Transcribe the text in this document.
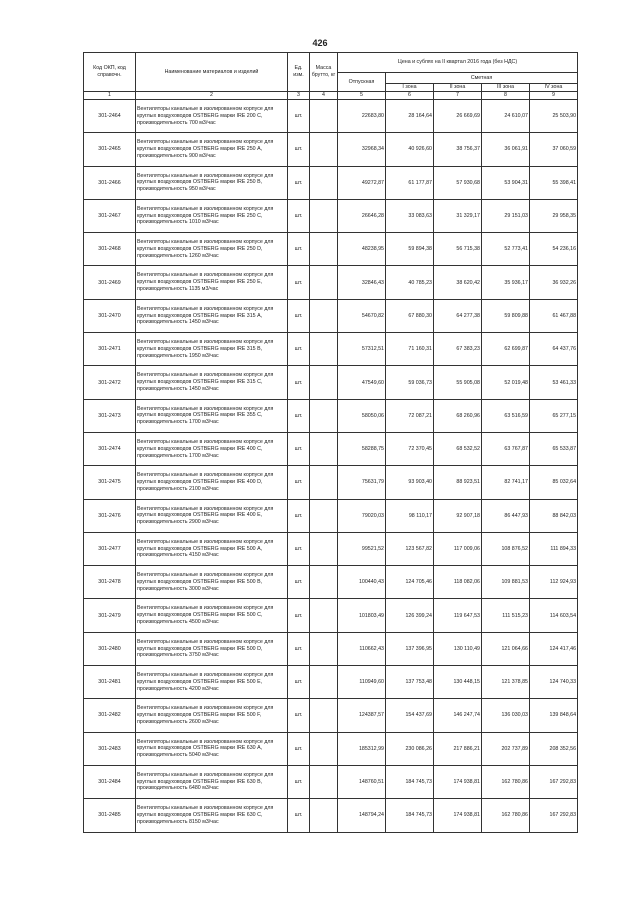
426
Код ОКП, код справочн.	Наименование материалов и изделий	Ед. изм.	Масса брутто, кг	Цена и сублях на II квартал 2016 года (без НДС)				
				Отпускная	Сметная			
					I зона	II зона	III зона	IV зона
1	2	3	4	5	6	7	8	9
301-2464	Вентиляторы канальные в изолированном корпусе для круглых воздуховодов OSTBERG марки IRE 200 С, производительность 700 м3/час	шт.		22683,80	28 164,64	26 669,69	24 610,07	25 503,90
301-2465	Вентиляторы канальные в изолированном корпусе для круглых воздуховодов OSTBERG марки IRE 250 А, производительность 900 м3/час	шт.		32968,34	40 926,60	38 756,37	36 061,91	37 060,59
301-2466	Вентиляторы канальные в изолированном корпусе для круглых воздуховодов OSTBERG марки IRE 250 В, производительность 950 м3/час	шт.		49272,87	61 177,87	57 930,68	53 904,31	55 398,41
301-2467	Вентиляторы канальные в изолированном корпусе для круглых воздуховодов OSTBERG марки IRE 250 С, производительность 1010 м3/час	шт.		26646,28	33 083,63	31 329,17	29 151,03	29 958,35
301-2468	Вентиляторы канальные в изолированном корпусе для круглых воздуховодов OSTBERG марки IRE 250 D, производительность 1260 м3/час	шт.		48238,95	59 894,38	56 715,38	52 773,41	54 236,16
301-2469	Вентиляторы канальные в изолированном корпусе для круглых воздуховодов OSTBERG марки IRE 250 E, производительность 1135 м3/час	шт.		32846,43	40 785,23	38 620,42	35 936,17	36 932,26
301-2470	Вентиляторы канальные в изолированном корпусе для круглых воздуховодов OSTBERG марки IRE 315 А, производительность 1450 м3/час	шт.		54670,82	67 880,30	64 277,38	59 809,88	61 467,88
301-2471	Вентиляторы канальные в изолированном корпусе для круглых воздуховодов OSTBERG марки IRE 315 В, производительность 1950 м3/час	шт.		57312,51	71 160,31	67 383,23	62 699,87	64 437,76
301-2472	Вентиляторы канальные в изолированном корпусе для круглых воздуховодов OSTBERG марки IRE 315 С, производительность 1450 м3/час	шт.		47549,60	59 036,73	55 905,08	52 019,48	53 461,33
301-2473	Вентиляторы канальные в изолированном корпусе для круглых воздуховодов OSTBERG марки IRE 355 С, производительность 1700 м3/час	шт.		58050,06	72 087,21	68 260,96	63 516,59	65 277,15
301-2474	Вентиляторы канальные в изолированном корпусе для круглых воздуховодов OSTBERG марки IRE 400 С, производительность 1700 м3/час	шт.		58288,75	72 370,45	68 532,52	63 767,87	65 533,87
301-2475	Вентиляторы канальные в изолированном корпусе для круглых воздуховодов OSTBERG марки IRE 400 D, производительность 2100 м3/час	шт.		75631,79	93 903,40	88 923,51	82 741,17	85 032,64
301-2476	Вентиляторы канальные в изолированном корпусе для круглых воздуховодов OSTBERG марки IRE 400 E, производительность 2900 м3/час	шт.		79020,03	98 110,17	92 907,18	86 447,93	88 842,03
301-2477	Вентиляторы канальные в изолированном корпусе для круглых воздуховодов OSTBERG марки IRE 500 А, производительность 4150 м3/час	шт.		99521,52	123 567,82	117 009,06	108 876,52	111 894,33
301-2478	Вентиляторы канальные в изолированном корпусе для круглых воздуховодов OSTBERG марки IRE 500 В, производительность 3000 м3/час	шт.		100440,43	124 705,46	118 082,06	109 881,53	112 924,93
301-2479	Вентиляторы канальные в изолированном корпусе для круглых воздуховодов OSTBERG марки IRE 500 С, производительность 4500 м3/час	шт.		101803,49	126 399,24	119 647,53	111 515,23	114 603,54
301-2480	Вентиляторы канальные в изолированном корпусе для круглых воздуховодов OSTBERG марки IRE 500 D, производительность 3750 м3/час	шт.		110662,43	137 396,95	130 110,49	121 064,66	124 417,46
301-2481	Вентиляторы канальные в изолированном корпусе для круглых воздуховодов OSTBERG марки IRE 500 E, производительность 4200 м3/час	шт.		110949,60	137 753,48	130 448,15	121 378,85	124 740,33
301-2482	Вентиляторы канальные в изолированном корпусе для круглых воздуховодов OSTBERG марки IRE 500 F, производительность 2600 м3/час	шт.		124387,57	154 437,69	146 247,74	136 030,03	139 848,64
301-2483	Вентиляторы канальные в изолированном корпусе для круглых воздуховодов OSTBERG марки IRE 630 А, производительность 5040 м3/час	шт.		185312,99	230 086,26	217 886,21	202 737,89	208 352,56
301-2484	Вентиляторы канальные в изолированном корпусе для круглых воздуховодов OSTBERG марки IRE 630 В, производительность 6480 м3/час	шт.		148760,51	184 745,73	174 938,81	162 780,86	167 292,83
301-2485	Вентиляторы канальные в изолированном корпусе для круглых воздуховодов OSTBERG марки IRE 630 С, производительность 8150 м3/час	шт.		148794,24	184 745,73	174 938,81	162 780,86	167 292,83
